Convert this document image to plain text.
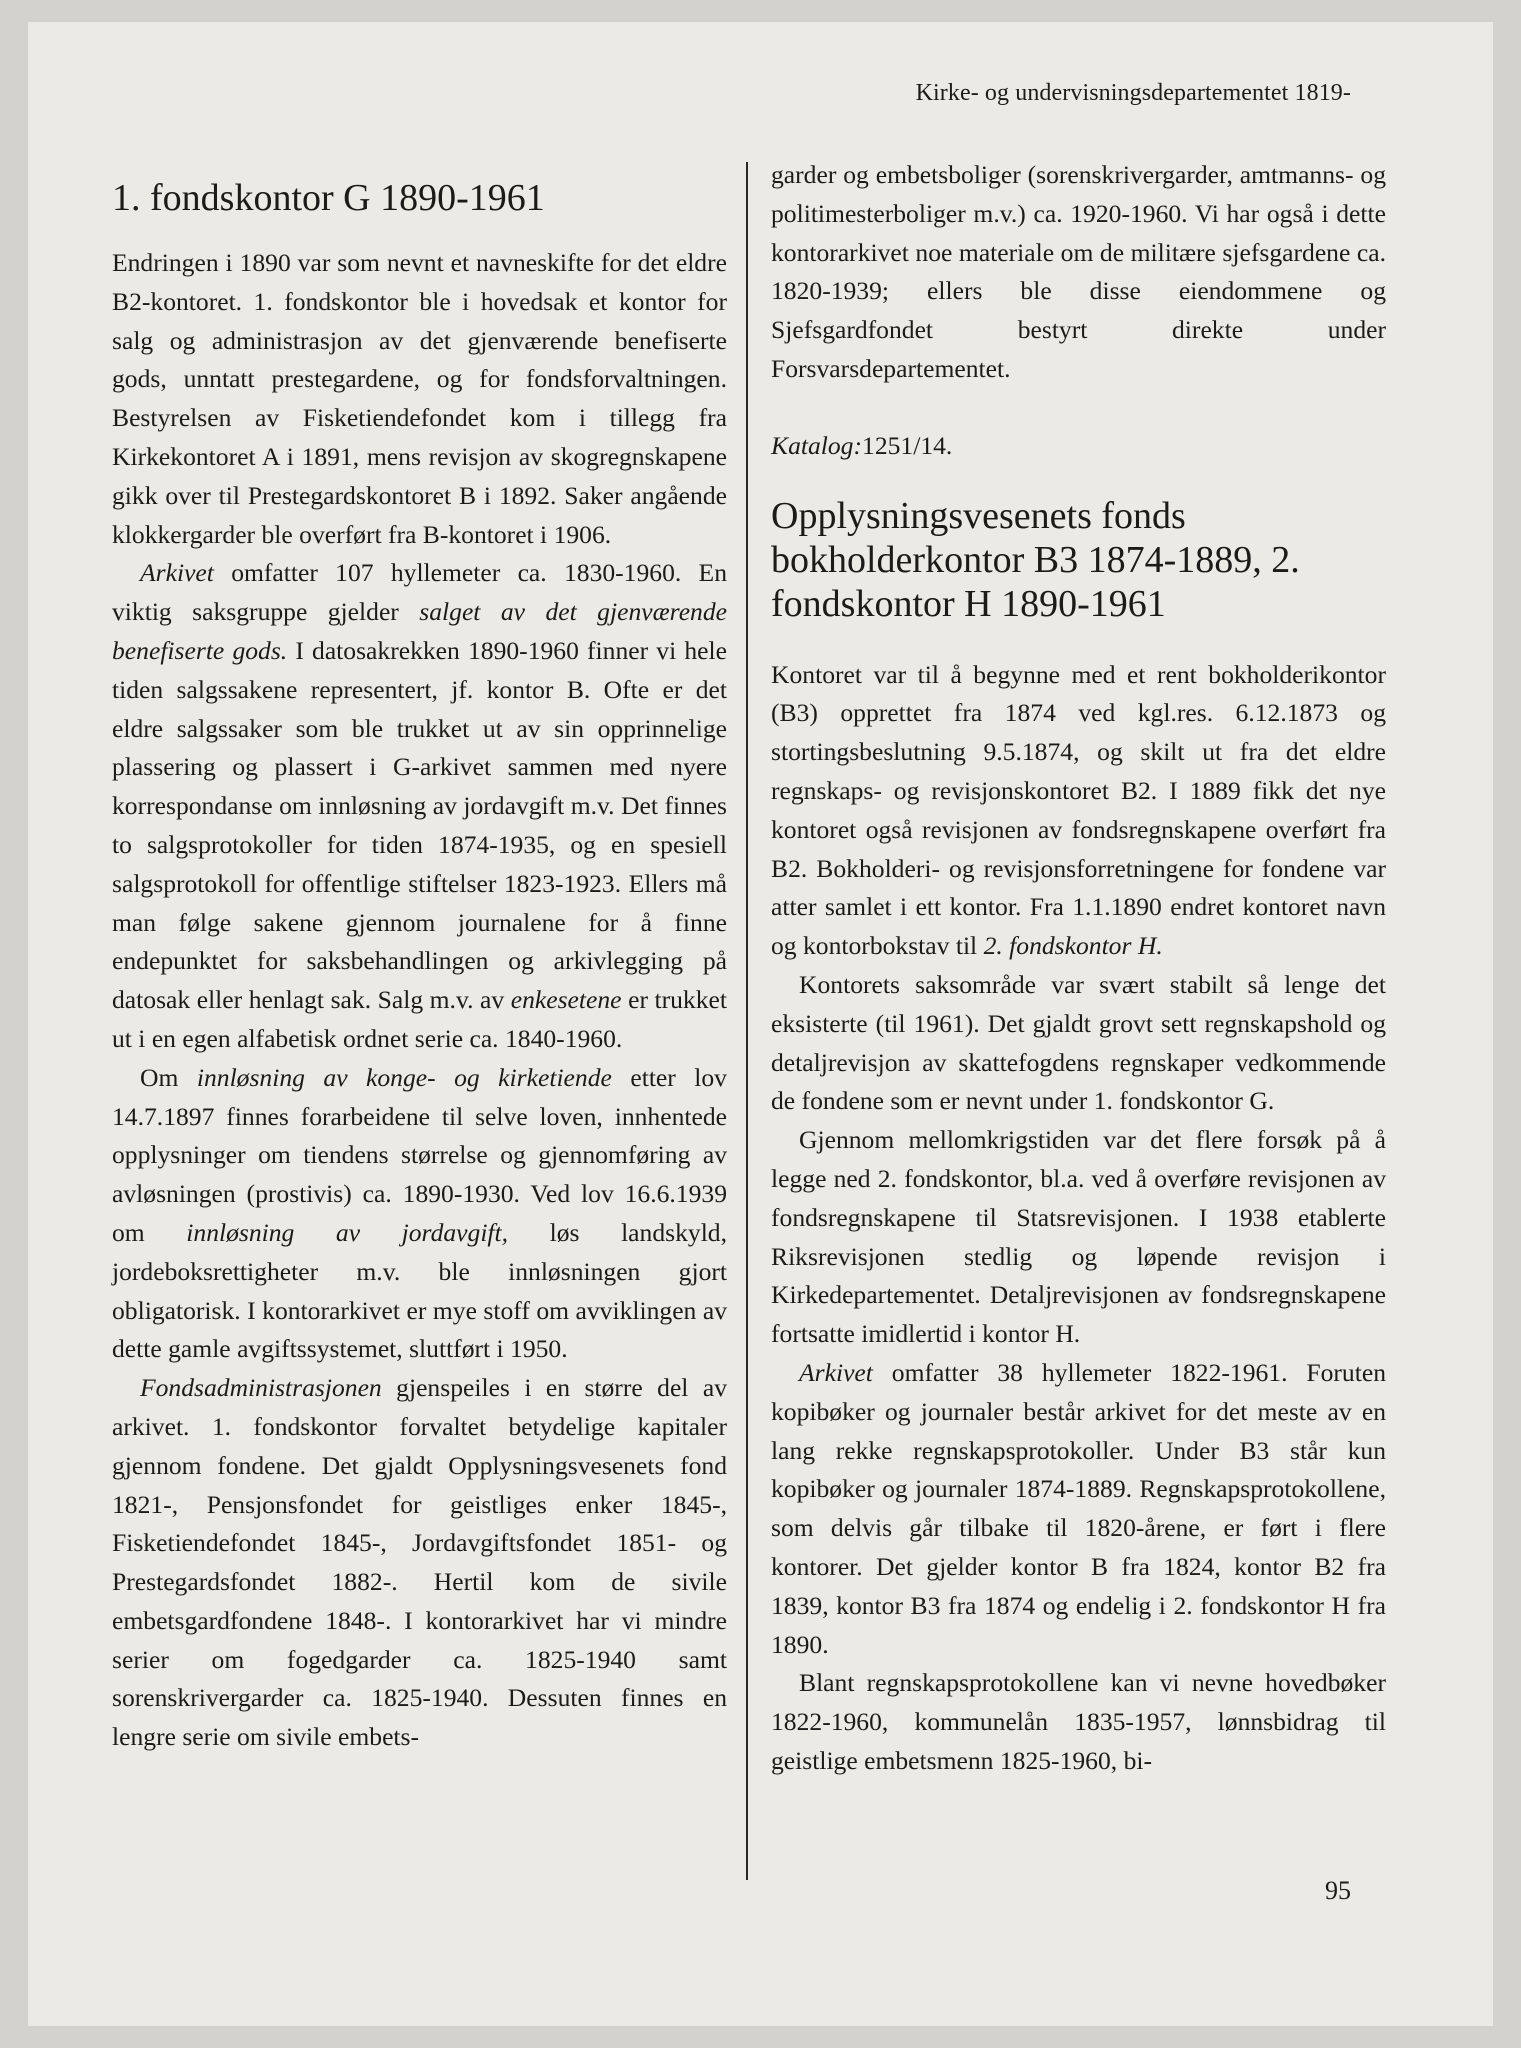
Kirke- og undervisningsdepartementet 1819-
1. fondskontor G 1890-1961

Endringen i 1890 var som nevnt et navneskifte for det eldre B2-kontoret. 1. fondskontor ble i hovedsak et kontor for salg og administrasjon av det gjenværende benefiserte gods, unntatt prestegardene, og for fondsforvaltningen. Bestyrelsen av Fisketiendefondet kom i tillegg fra Kirkekontoret A i 1891, mens revisjon av skogregnskapene gikk over til Prestegardskontoret B i 1892. Saker angående klokkergarder ble overført fra B-kontoret i 1906.

Arkivet omfatter 107 hyllemeter ca. 1830-1960. En viktig saksgruppe gjelder salget av det gjenværende benefiserte gods. I datosakrekken 1890-1960 finner vi hele tiden salgssakene representert, jf. kontor B. Ofte er det eldre salgssaker som ble trukket ut av sin opprinnelige plassering og plassert i G-arkivet sammen med nyere korrespondanse om innløsning av jordavgift m.v. Det finnes to salgsprotokoller for tiden 1874-1935, og en spesiell salgsprotokoll for offentlige stiftelser 1823-1923. Ellers må man følge sakene gjennom journalene for å finne endepunktet for saksbehandlingen og arkivlegging på datosak eller henlagt sak. Salg m.v. av enkesetene er trukket ut i en egen alfabetisk ordnet serie ca. 1840-1960.

Om innløsning av konge- og kirketiende etter lov 14.7.1897 finnes forarbeidene til selve loven, innhentede opplysninger om tiendens størrelse og gjennomføring av avløsningen (prostivis) ca. 1890-1930. Ved lov 16.6.1939 om innløsning av jordavgift, løs landskyld, jordeboksrettigheter m.v. ble innløsningen gjort obligatorisk. I kontorarkivet er mye stoff om avviklingen av dette gamle avgiftssystemet, sluttført i 1950.

Fondsadministrasjonen gjenspeiles i en større del av arkivet. 1. fondskontor forvaltet betydelige kapitaler gjennom fondene. Det gjaldt Opplysningsvesenets fond 1821-, Pensjonsfondet for geistliges enker 1845-, Fisketiendefondet 1845-, Jordavgiftsfondet 1851- og Prestegardsfondet 1882-. Hertil kom de sivile embetsgardfondene 1848-. I kontorarkivet har vi mindre serier om fogedgarder ca. 1825-1940 samt sorenskrivergarder ca. 1825-1940. Dessuten finnes en lengre serie om sivile embets-

garder og embetsboliger (sorenskrivergarder, amtmanns- og politimesterboliger m.v.) ca. 1920-1960. Vi har også i dette kontorarkivet noe materiale om de militære sjefsgardene ca. 1820-1939; ellers ble disse eiendommene og Sjefsgardfondet bestyrt direkte under Forsvarsdepartementet.

Katalog:1251/14.

Opplysningsvesenets fonds bokholderkontor B3 1874-1889, 2. fondskontor H 1890-1961

Kontoret var til å begynne med et rent bokholderikontor (B3) opprettet fra 1874 ved kgl.res. 6.12.1873 og stortingsbeslutning 9.5.1874, og skilt ut fra det eldre regnskaps- og revisjonskontoret B2. I 1889 fikk det nye kontoret også revisjonen av fondsregnskapene overført fra B2. Bokholderi- og revisjonsforretningene for fondene var atter samlet i ett kontor. Fra 1.1.1890 endret kontoret navn og kontorbokstav til 2. fondskontor H.

Kontorets saksområde var svært stabilt så lenge det eksisterte (til 1961). Det gjaldt grovt sett regnskapshold og detaljrevisjon av skattefogdens regnskaper vedkommende de fondene som er nevnt under 1. fondskontor G.

Gjennom mellomkrigstiden var det flere forsøk på å legge ned 2. fondskontor, bl.a. ved å overføre revisjonen av fondsregnskapene til Statsrevisjonen. I 1938 etablerte Riksrevisjonen stedlig og løpende revisjon i Kirkedepartementet. Detaljrevisjonen av fondsregnskapene fortsatte imidlertid i kontor H.

Arkivet omfatter 38 hyllemeter 1822-1961. Foruten kopibøker og journaler består arkivet for det meste av en lang rekke regnskapsprotokoller. Under B3 står kun kopibøker og journaler 1874-1889. Regnskapsprotokollene, som delvis går tilbake til 1820-årene, er ført i flere kontorer. Det gjelder kontor B fra 1824, kontor B2 fra 1839, kontor B3 fra 1874 og endelig i 2. fondskontor H fra 1890.

Blant regnskapsprotokollene kan vi nevne hovedbøker 1822-1960, kommunelån 1835-1957, lønnsbidrag til geistlige embetsmenn 1825-1960, bi-

95
